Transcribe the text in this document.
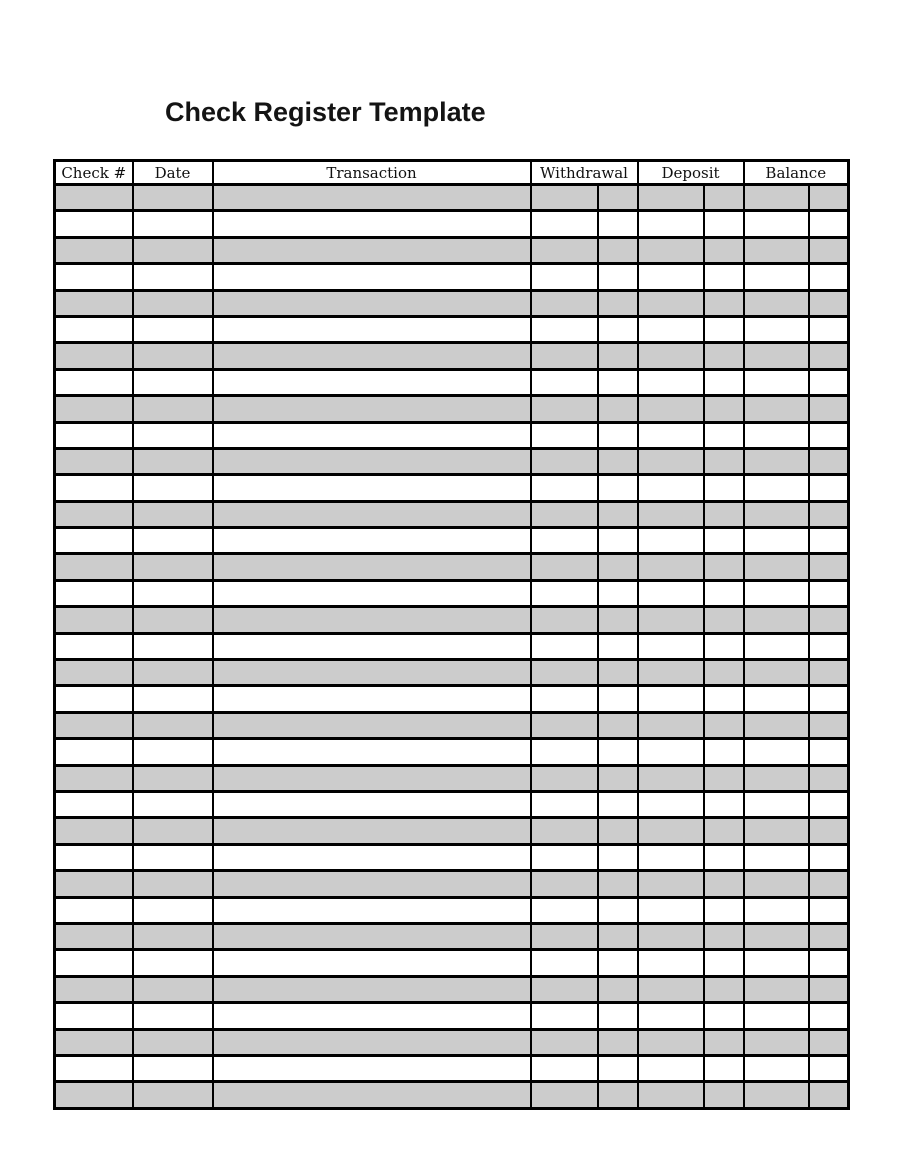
Check Register Template
Check #	Date	Transaction	Withdrawal		Deposit		Balance	
